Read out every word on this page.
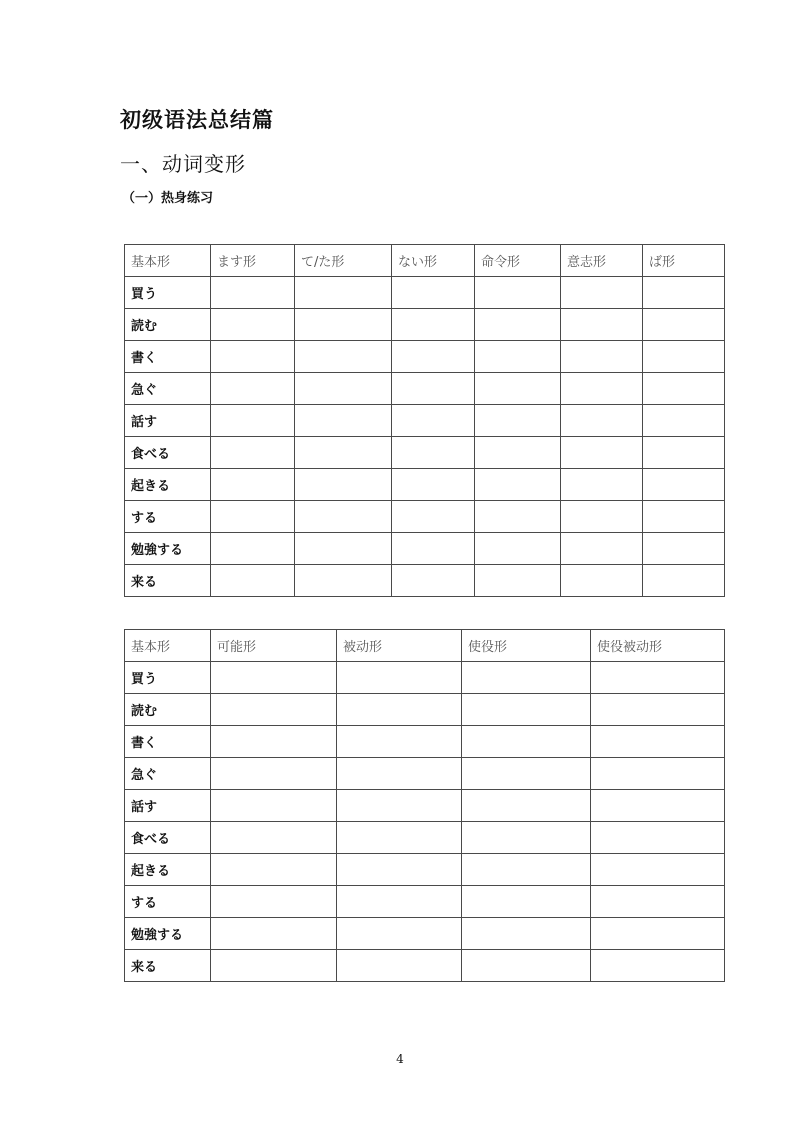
初级语法总结篇
一、动词变形
（一）热身练习
基本形	ます形	て/た形	ない形	命令形	意志形	ば形
買う						
読む						
書く						
急ぐ						
話す						
食べる						
起きる						
する						
勉強する						
来る						
基本形	可能形	被动形	使役形	使役被动形
買う				
読む				
書く				
急ぐ				
話す				
食べる				
起きる				
する				
勉強する				
来る				
4
